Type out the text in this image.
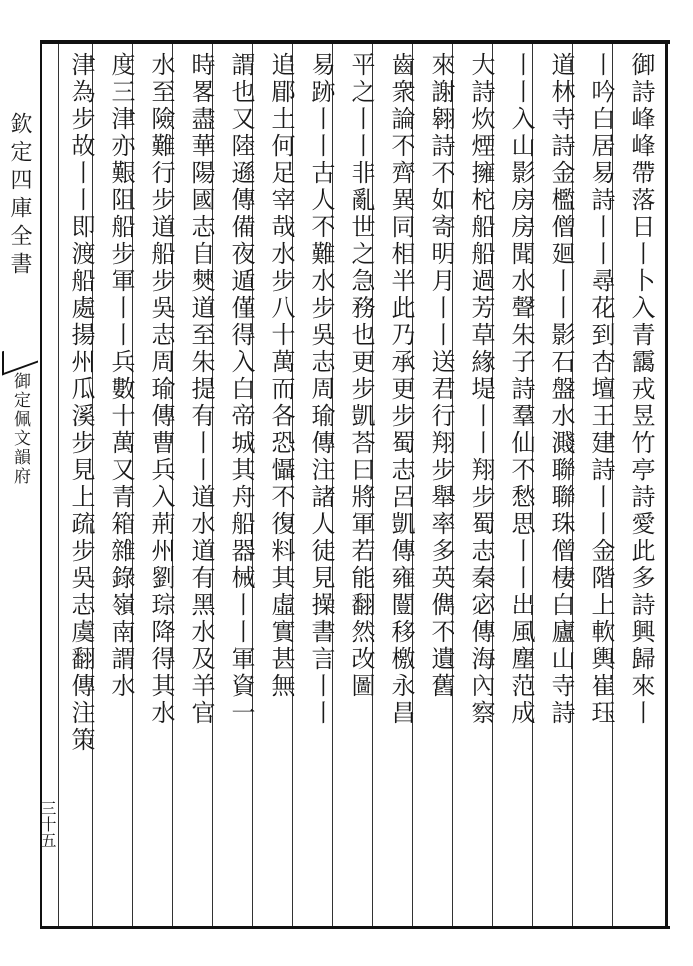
欽定四庫全書
御定佩文韻府
三十五
御詩峰峰帶落日丨卜入青靄戎昱竹亭詩愛此多詩興歸來丨
丨吟白居易詩丨丨尋花到杏壇王建詩丨丨金階上軟輿崔珏
道林寺詩金檻僧廻丨丨影石盤水濺聯聯珠僧棲白廬山寺詩
丨丨入山影房房聞水聲朱子詩羣仙不愁思丨丨出風塵范成
大詩炊煙擁柁船船過芳草緣堤丨丨翔步蜀志秦宓傳海內察
來謝翱詩不如寄明月丨丨送君行翔步舉率多英儁不遺舊
齒衆論不齊異同相半此乃承更步蜀志呂凱傳雍闓移檄永昌
平之丨丨非亂世之急務也更步凱荅曰將軍若能翻然改圖
易跡丨丨古人不難水步吳志周瑜傳注諸人徒見操書言丨丨
追郿土何足宰哉水步八十萬而各恐懾不復料其虛實甚無
謂也又陸遜傳備夜遁僅得入白帝城其舟船器械丨丨軍資一
時畧盡華陽國志自僰道至朱提有丨丨道水道有黑水及羊官
水至險難行步道船步吳志周瑜傳曹兵入荊州劉琮降得其水
度三津亦艱阻船步軍丨丨兵數十萬又青箱雜錄嶺南謂水
津為步故丨丨即渡船處揚州瓜溪步見上疏步吳志虞翻傳注策
